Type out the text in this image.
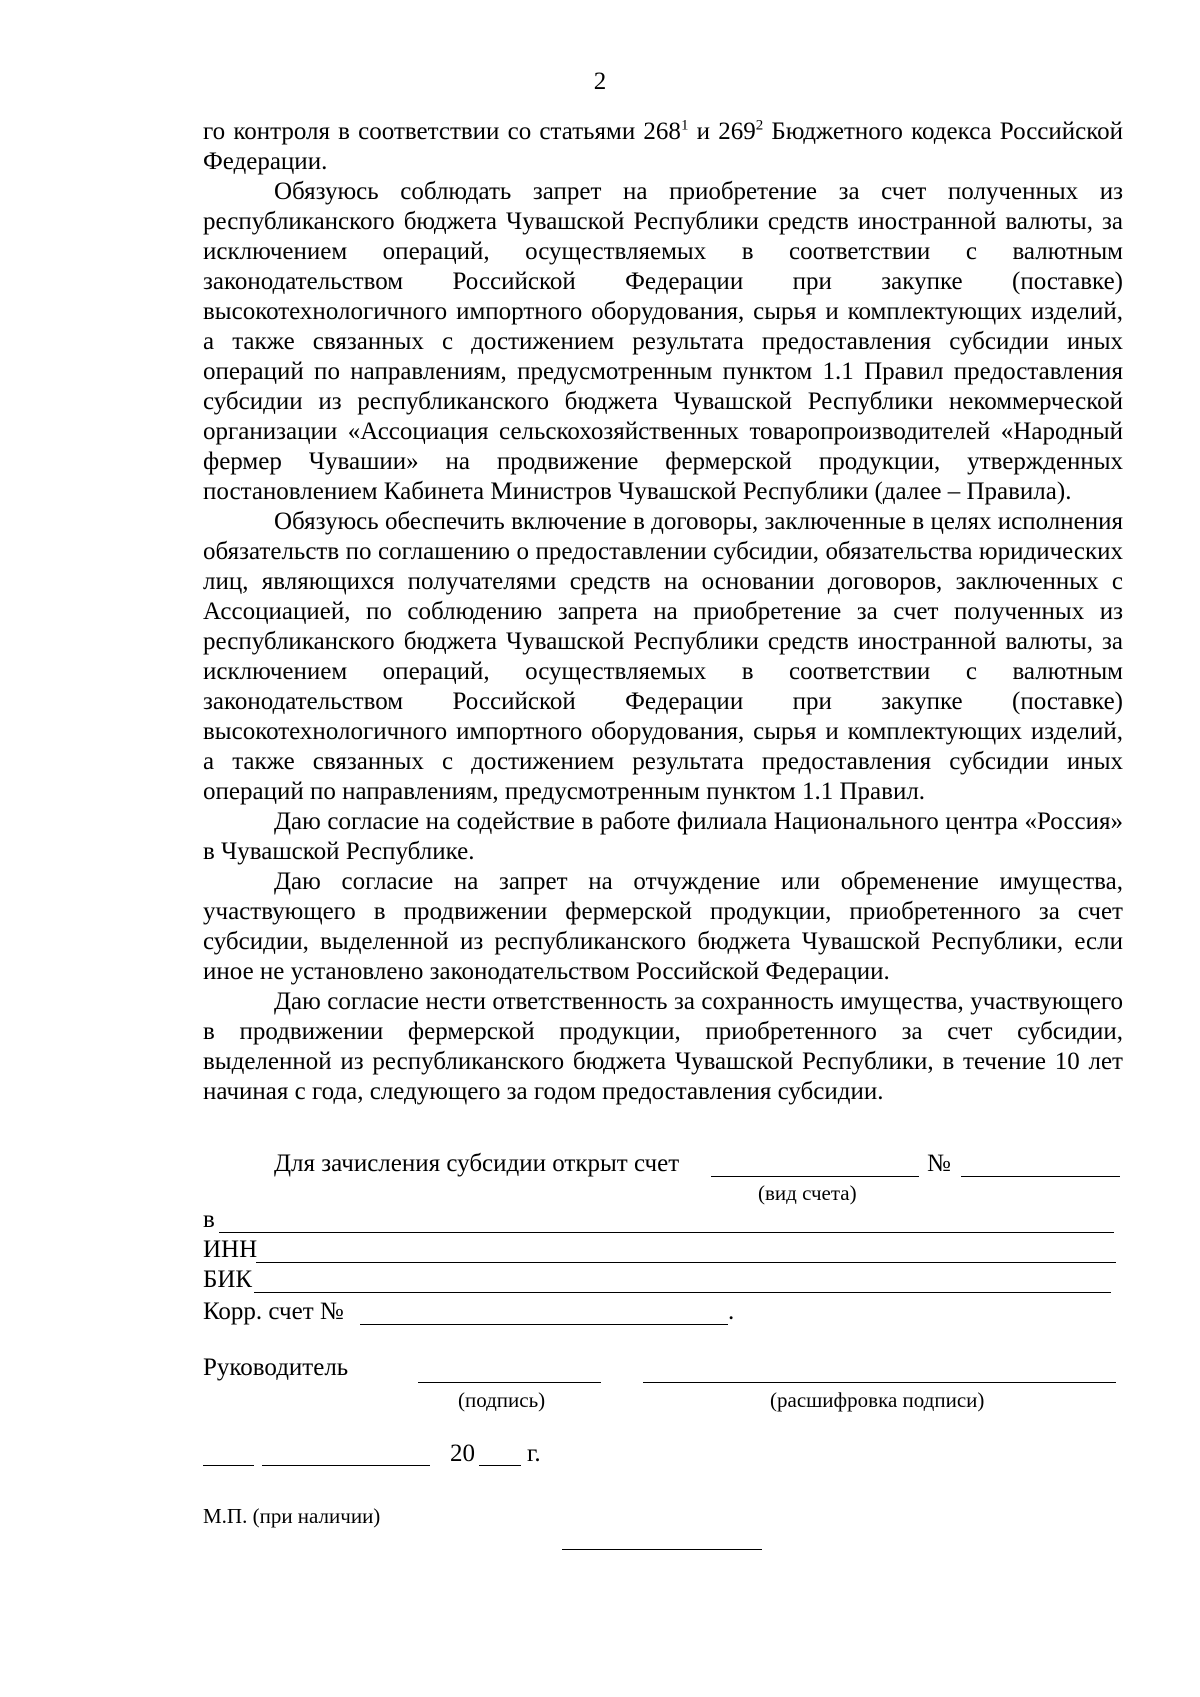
2

го контроля в соответствии со статьями $268^1$ и $269^2$ Бюджетного кодекса Российской Федерации.

Обязуюсь соблюдать запрет на приобретение за счет полученных из республиканского бюджета Чувашской Республики средств иностранной валюты, за исключением операций, осуществляемых в соответствии с валютным законодательством Российской Федерации при закупке (поставке) высокотехнологичного импортного оборудования, сырья и комплектующих изделий, а также связанных с достижением результата предоставления субсидии иных операций по направлениям, предусмотренным пунктом 1.1 Правил предоставления субсидии из республиканского бюджета Чувашской Республики некоммерческой организации «Ассоциация сельскохозяйственных товаропроизводителей «Народный фермер Чувашии» на продвижение фермерской продукции, утвержденных постановлением Кабинета Министров Чувашской Республики (далее – Правила).

Обязуюсь обеспечить включение в договоры, заключенные в целях исполнения обязательств по соглашению о предоставлении субсидии, обязательства юридических лиц, являющихся получателями средств на основании договоров, заключенных с Ассоциацией, по соблюдению запрета на приобретение за счет полученных из республиканского бюджета Чувашской Республики средств иностранной валюты, за исключением операций, осуществляемых в соответствии с валютным законодательством Российской Федерации при закупке (поставке) высокотехнологичного импортного оборудования, сырья и комплектующих изделий, а также связанных с достижением результата предоставления субсидии иных операций по направлениям, предусмотренным пунктом 1.1 Правил.

Даю согласие на содействие в работе филиала Национального центра «Россия» в Чувашской Республике.

Даю согласие на запрет на отчуждение или обременение имущества, участвующего в продвижении фермерской продукции, приобретенного за счет субсидии, выделенной из республиканского бюджета Чувашской Республики, если иное не установлено законодательством Российской Федерации.

Даю согласие нести ответственность за сохранность имущества, участвующего в продвижении фермерской продукции, приобретенного за счет субсидии, выделенной из республиканского бюджета Чувашской Республики, в течение 10 лет начиная с года, следующего за годом предоставления субсидии.

Для зачисления субсидии открыт счет	№
(вид счета)
в
ИНН
БИК
Корр. счет №	.
Руководитель
(подпись)	(расшифровка подписи)
20 г.
М.П. (при наличии)
